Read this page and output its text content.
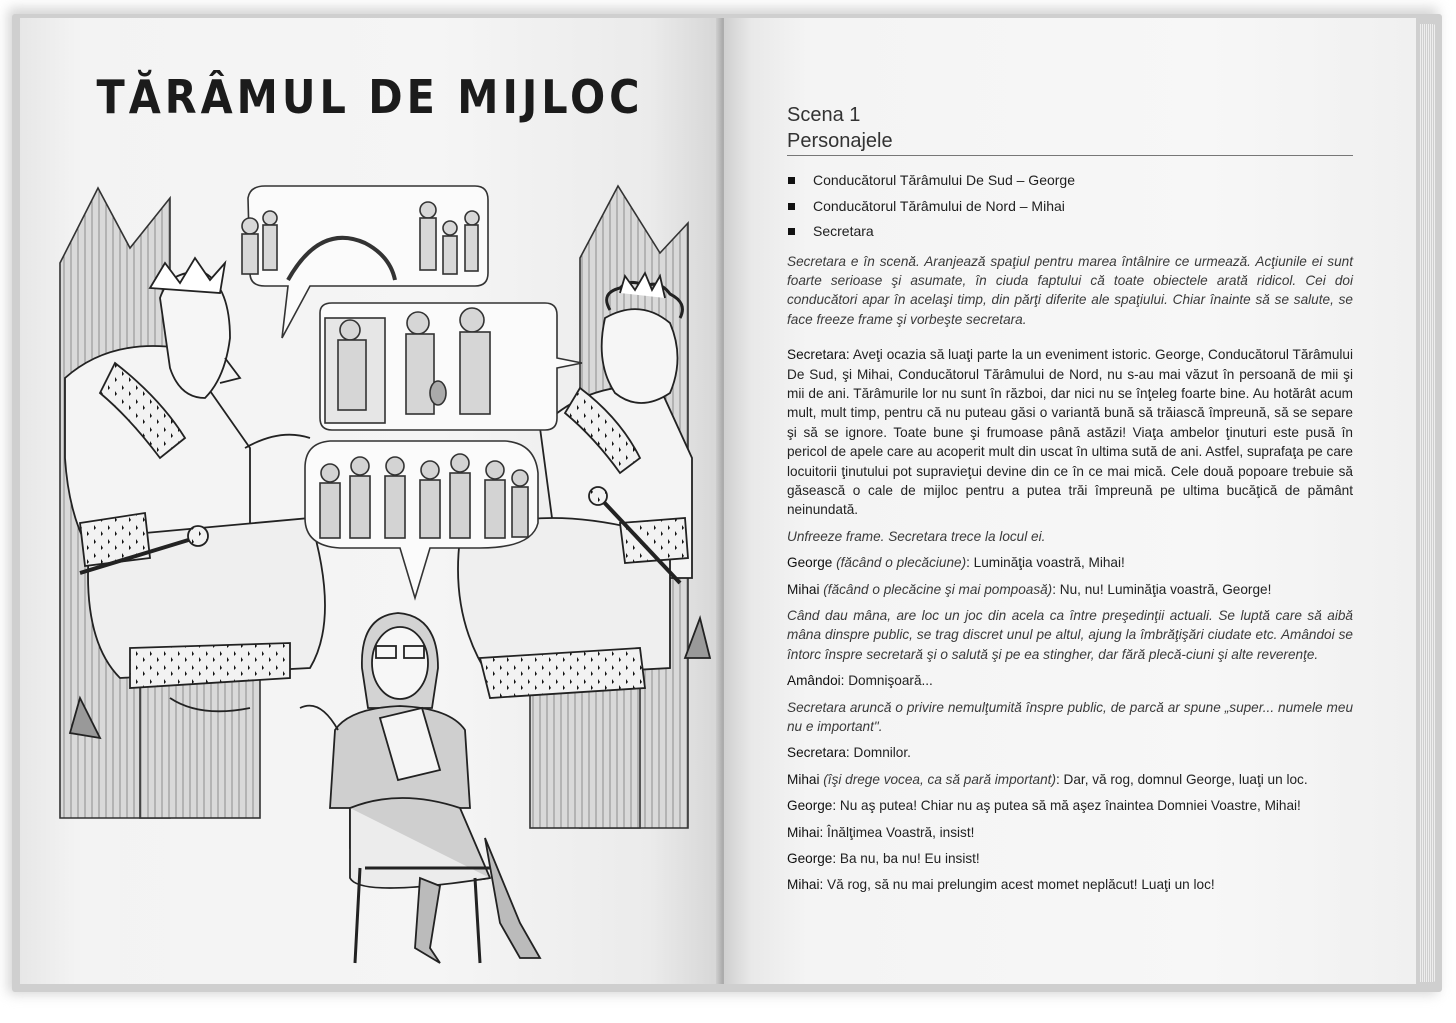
TĂRÂMUL DE MIJLOC	Scena 1
Personajele
Conducătorul Tărâmului De Sud – George
Conducătorul Tărâmului de Nord – Mihai
Secretara

Secretara e în scenă. Aranjează spaţiul pentru marea întâlnire ce urmează. Acţiunile ei sunt foarte serioase şi asumate, în ciuda faptului că toate obiectele arată ridicol. Cei doi conducători apar în acelaşi timp, din părţi diferite ale spaţiului. Chiar înainte să se salute, se face freeze frame şi vorbeşte secretara.

Secretara: Aveţi ocazia să luaţi parte la un eveniment istoric. George, Conducătorul Tărâmului De Sud, şi Mihai, Conducătorul Tărâmului de Nord, nu s-au mai văzut în persoană de mii şi mii de ani. Tărâmurile lor nu sunt în război, dar nici nu se înţeleg foarte bine. Au hotărât acum mult, mult timp, pentru că nu puteau găsi o variantă bună să trăiască împreună, să se separe şi să se ignore. Toate bune şi frumoase până astăzi! Viaţa ambelor ţinuturi este pusă în pericol de apele care au acoperit mult din uscat în ultima sută de ani. Astfel, suprafaţa pe care locuitorii ţinutului pot supravieţui devine din ce în ce mai mică. Cele două popoare trebuie să găsească o cale de mijloc pentru a putea trăi împreună pe ultima bucăţică de pământ neinundată.

Unfreeze frame. Secretara trece la locul ei.

George (făcând o plecăciune): Luminăţia voastră, Mihai!

Mihai (făcând o plecăcine şi mai pompoasă): Nu, nu! Luminăţia voastră, George!

Când dau mâna, are loc un joc din acela ca între preşedinţii actuali. Se luptă care să aibă mâna dinspre public, se trag discret unul pe altul, ajung la îmbrăţişări ciudate etc. Amândoi se întorc înspre secretară şi o salută şi pe ea stingher, dar fără plecă-ciuni şi alte reverenţe.

Amândoi: Domnişoară...

Secretara aruncă o privire nemulţumită înspre public, de parcă ar spune „super... numele meu nu e important".

Secretara: Domnilor.

Mihai (îşi drege vocea, ca să pară important): Dar, vă rog, domnul George, luaţi un loc.

George: Nu aş putea! Chiar nu aş putea să mă aşez înaintea Domniei Voastre, Mihai!

Mihai: Înălţimea Voastră, insist!

George: Ba nu, ba nu! Eu insist!

Mihai: Vă rog, să nu mai prelungim acest momet neplăcut! Luaţi un loc!
